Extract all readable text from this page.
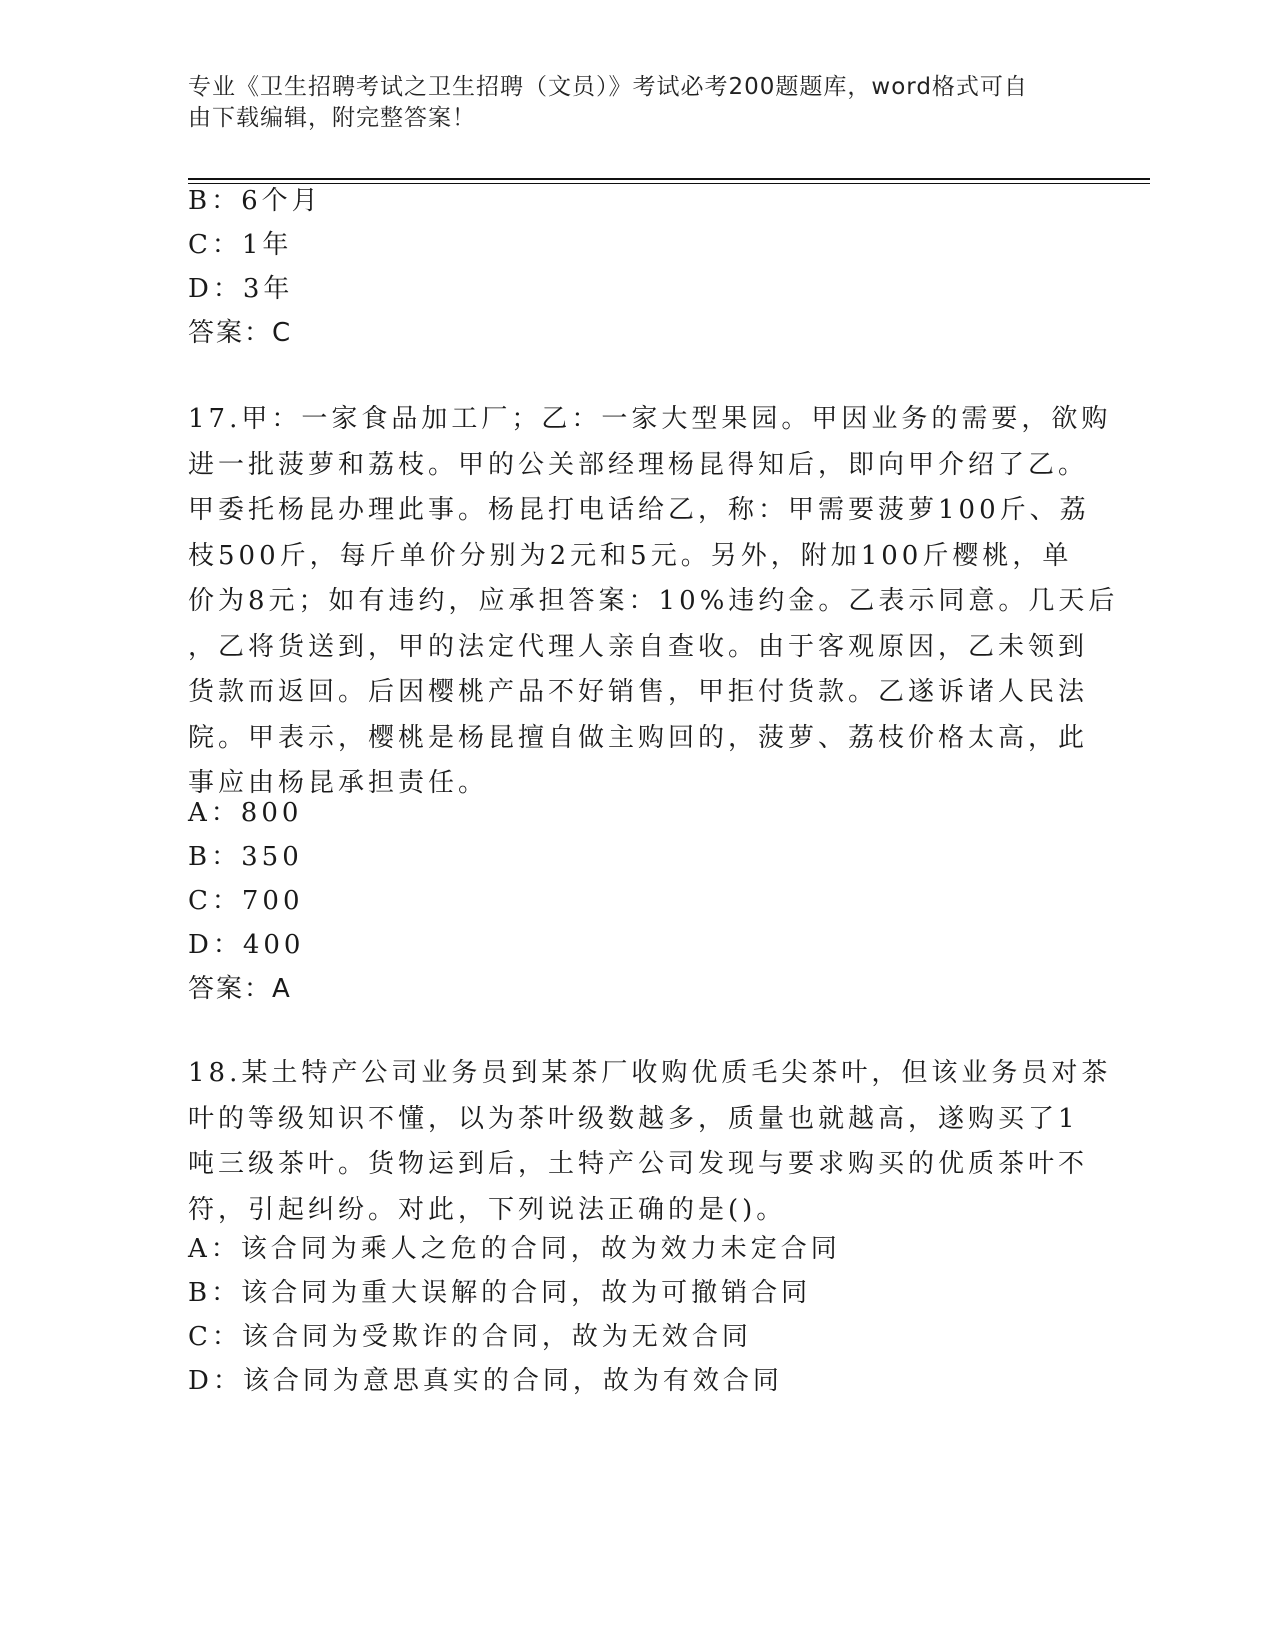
专业《卫生招聘考试之卫生招聘（文员）》考试必考200题题库，word格式可自
由下载编辑，附完整答案！
B：6个月
C：1年
D：3年
答案：C
17.甲：一家食品加工厂；乙：一家大型果园。甲因业务的需要，欲购
进一批菠萝和荔枝。甲的公关部经理杨昆得知后，即向甲介绍了乙。
甲委托杨昆办理此事。杨昆打电话给乙，称：甲需要菠萝100斤、荔
枝500斤，每斤单价分别为2元和5元。另外，附加100斤樱桃，单
价为8元；如有违约，应承担答案：10%违约金。乙表示同意。几天后
，乙将货送到，甲的法定代理人亲自查收。由于客观原因，乙未领到
货款而返回。后因樱桃产品不好销售，甲拒付货款。乙遂诉诸人民法
院。甲表示，樱桃是杨昆擅自做主购回的，菠萝、荔枝价格太高，此
事应由杨昆承担责任。
A：800
B：350
C：700
D：400
答案：A
18.某土特产公司业务员到某茶厂收购优质毛尖茶叶，但该业务员对茶
叶的等级知识不懂，以为茶叶级数越多，质量也就越高，遂购买了1
吨三级茶叶。货物运到后，土特产公司发现与要求购买的优质茶叶不
符，引起纠纷。对此，下列说法正确的是()。
A：该合同为乘人之危的合同，故为效力未定合同
B：该合同为重大误解的合同，故为可撤销合同
C：该合同为受欺诈的合同，故为无效合同
D：该合同为意思真实的合同，故为有效合同
